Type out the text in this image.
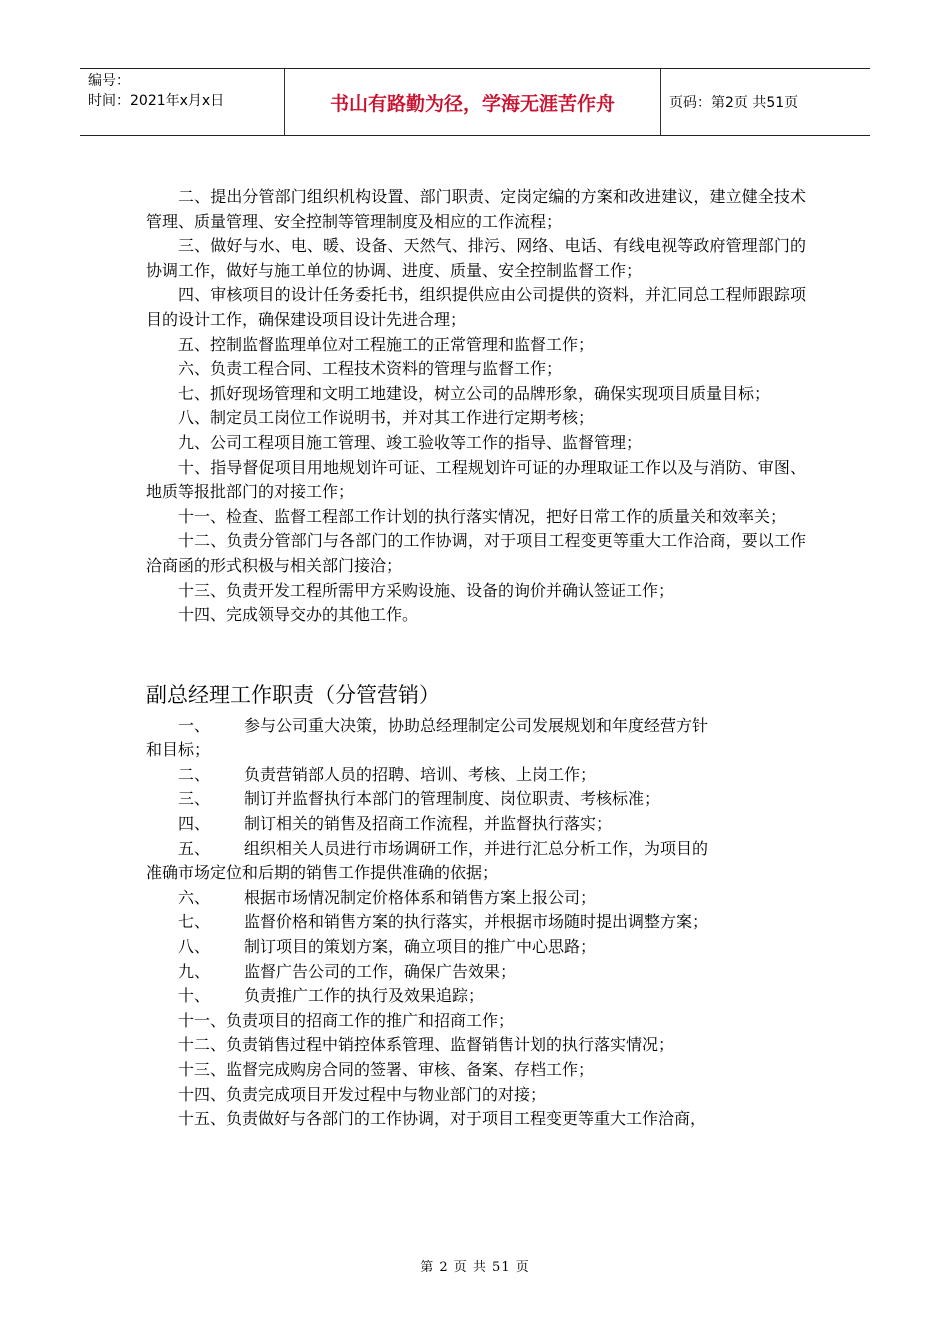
编号：
时间：2021年x月x日	书山有路勤为径，学海无涯苦作舟	页码：第2页 共51页

二、提出分管部门组织机构设置、部门职责、定岗定编的方案和改进建议，建立健全技术管理、质量管理、安全控制等管理制度及相应的工作流程；

三、做好与水、电、暖、设备、天然气、排污、网络、电话、有线电视等政府管理部门的协调工作，做好与施工单位的协调、进度、质量、安全控制监督工作；

四、审核项目的设计任务委托书，组织提供应由公司提供的资料，并汇同总工程师跟踪项目的设计工作，确保建设项目设计先进合理；

五、控制监督监理单位对工程施工的正常管理和监督工作；

六、负责工程合同、工程技术资料的管理与监督工作；

七、抓好现场管理和文明工地建设，树立公司的品牌形象，确保实现项目质量目标；

八、制定员工岗位工作说明书，并对其工作进行定期考核；

九、公司工程项目施工管理、竣工验收等工作的指导、监督管理；

十、指导督促项目用地规划许可证、工程规划许可证的办理取证工作以及与消防、审图、地质等报批部门的对接工作；

十一、检查、监督工程部工作计划的执行落实情况，把好日常工作的质量关和效率关；

十二、负责分管部门与各部门的工作协调，对于项目工程变更等重大工作洽商，要以工作洽商函的形式积极与相关部门接洽；

十三、负责开发工程所需甲方采购设施、设备的询价并确认签证工作；

十四、完成领导交办的其他工作。

副总经理工作职责（分管营销）
一、	参与公司重大决策，协助总经理制定公司发展规划和年度经营方针
和目标；
二、	负责营销部人员的招聘、培训、考核、上岗工作；
三、	制订并监督执行本部门的管理制度、岗位职责、考核标准；
四、	制订相关的销售及招商工作流程，并监督执行落实；
五、	组织相关人员进行市场调研工作，并进行汇总分析工作，为项目的
准确市场定位和后期的销售工作提供准确的依据；
六、	根据市场情况制定价格体系和销售方案上报公司；
七、	监督价格和销售方案的执行落实，并根据市场随时提出调整方案；
八、	制订项目的策划方案，确立项目的推广中心思路；
九、	监督广告公司的工作，确保广告效果；
十、	负责推广工作的执行及效果追踪；

十一、负责项目的招商工作的推广和招商工作；

十二、负责销售过程中销控体系管理、监督销售计划的执行落实情况；

十三、监督完成购房合同的签署、审核、备案、存档工作；

十四、负责完成项目开发过程中与物业部门的对接；

十五、负责做好与各部门的工作协调，对于项目工程变更等重大工作洽商，

第 2 页 共 51 页
